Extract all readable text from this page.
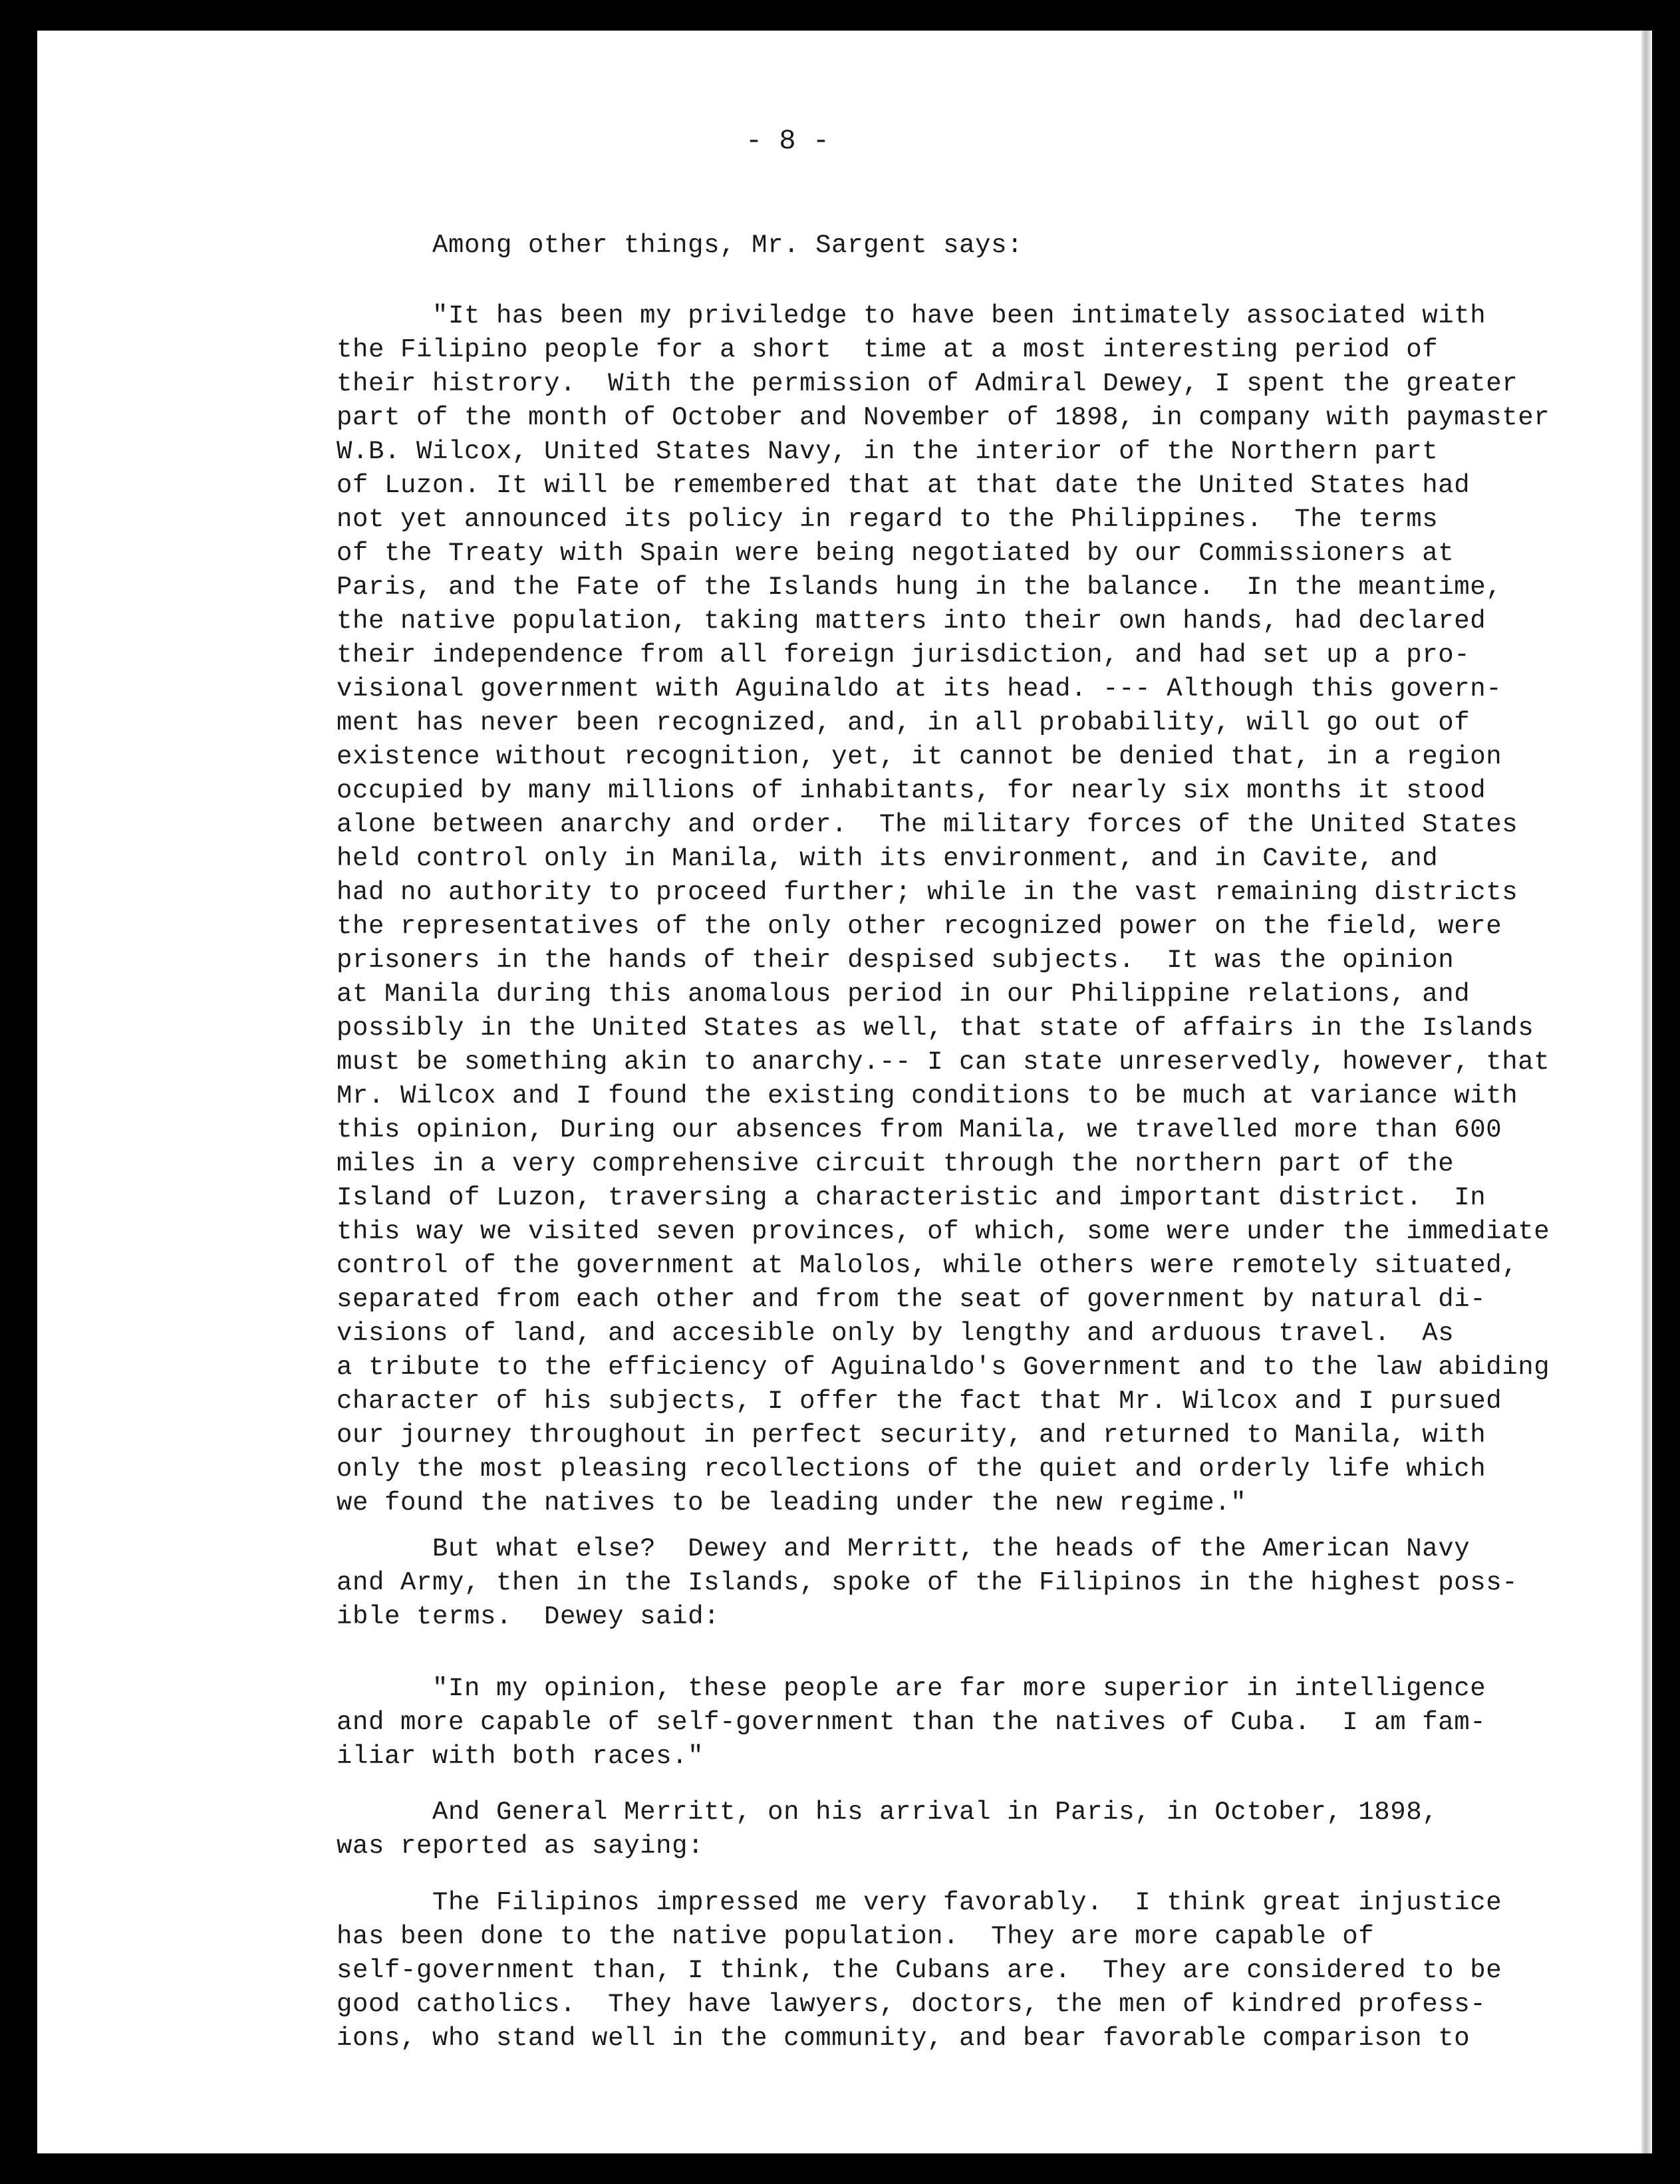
- 8 -

Among other things, Mr. Sargent says:

"It has been my priviledge to have been intimately associated with
the Filipino people for a short  time at a most interesting period of
their histrory.  With the permission of Admiral Dewey, I spent the greater
part of the month of October and November of 1898, in company with paymaster
W.B. Wilcox, United States Navy, in the interior of the Northern part
of Luzon. It will be remembered that at that date the United States had
not yet announced its policy in regard to the Philippines.  The terms
of the Treaty with Spain were being negotiated by our Commissioners at
Paris, and the Fate of the Islands hung in the balance.  In the meantime,
the native population, taking matters into their own hands, had declared
their independence from all foreign jurisdiction, and had set up a pro-
visional government with Aguinaldo at its head. --- Although this govern-
ment has never been recognized, and, in all probability, will go out of
existence without recognition, yet, it cannot be denied that, in a region
occupied by many millions of inhabitants, for nearly six months it stood
alone between anarchy and order.  The military forces of the United States
held control only in Manila, with its environment, and in Cavite, and
had no authority to proceed further; while in the vast remaining districts
the representatives of the only other recognized power on the field, were
prisoners in the hands of their despised subjects.  It was the opinion
at Manila during this anomalous period in our Philippine relations, and
possibly in the United States as well, that state of affairs in the Islands
must be something akin to anarchy.-- I can state unreservedly, however, that
Mr. Wilcox and I found the existing conditions to be much at variance with
this opinion, During our absences from Manila, we travelled more than 600
miles in a very comprehensive circuit through the northern part of the
Island of Luzon, traversing a characteristic and important district.  In
this way we visited seven provinces, of which, some were under the immediate
control of the government at Malolos, while others were remotely situated,
separated from each other and from the seat of government by natural di-
visions of land, and accesible only by lengthy and arduous travel.  As
a tribute to the efficiency of Aguinaldo's Government and to the law abiding
character of his subjects, I offer the fact that Mr. Wilcox and I pursued
our journey throughout in perfect security, and returned to Manila, with
only the most pleasing recollections of the quiet and orderly life which
we found the natives to be leading under the new regime."

But what else?  Dewey and Merritt, the heads of the American Navy
and Army, then in the Islands, spoke of the Filipinos in the highest poss-
ible terms.  Dewey said:

"In my opinion, these people are far more superior in intelligence
and more capable of self-government than the natives of Cuba.  I am fam-
iliar with both races."

And General Merritt, on his arrival in Paris, in October, 1898,
was reported as saying:

The Filipinos impressed me very favorably.  I think great injustice
has been done to the native population.  They are more capable of
self-government than, I think, the Cubans are.  They are considered to be
good catholics.  They have lawyers, doctors, the men of kindred profess-
ions, who stand well in the community, and bear favorable comparison to
